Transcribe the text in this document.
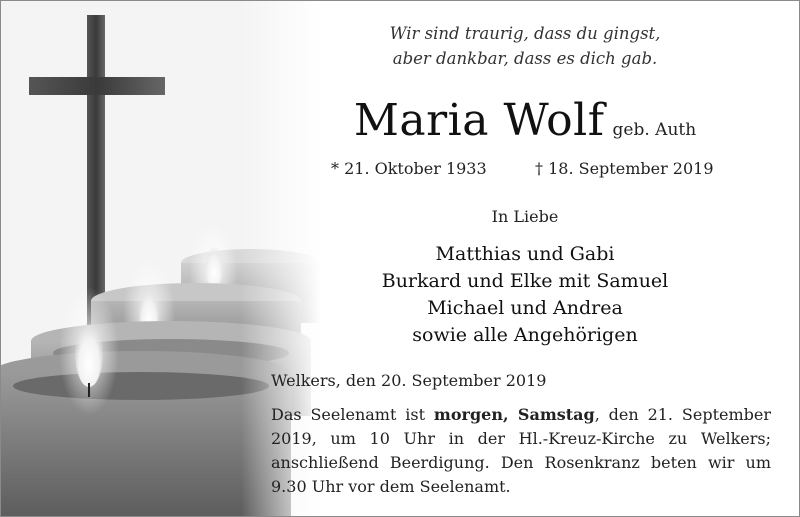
Wir sind traurig, dass du gingst,
aber dankbar, dass es dich gab.
Maria Wolf geb. Auth
* 21. Oktober 1933	† 18. September 2019
In Liebe
Matthias und Gabi
Burkard und Elke mit Samuel
Michael und Andrea
sowie alle Angehörigen
Welkers, den 20. September 2019
Das Seelenamt ist morgen, Samstag, den 21. September 2019, um 10 Uhr in der Hl.-Kreuz-Kirche zu Welkers; anschließend Beerdigung. Den Rosenkranz beten wir um 9.30 Uhr vor dem Seelenamt.
